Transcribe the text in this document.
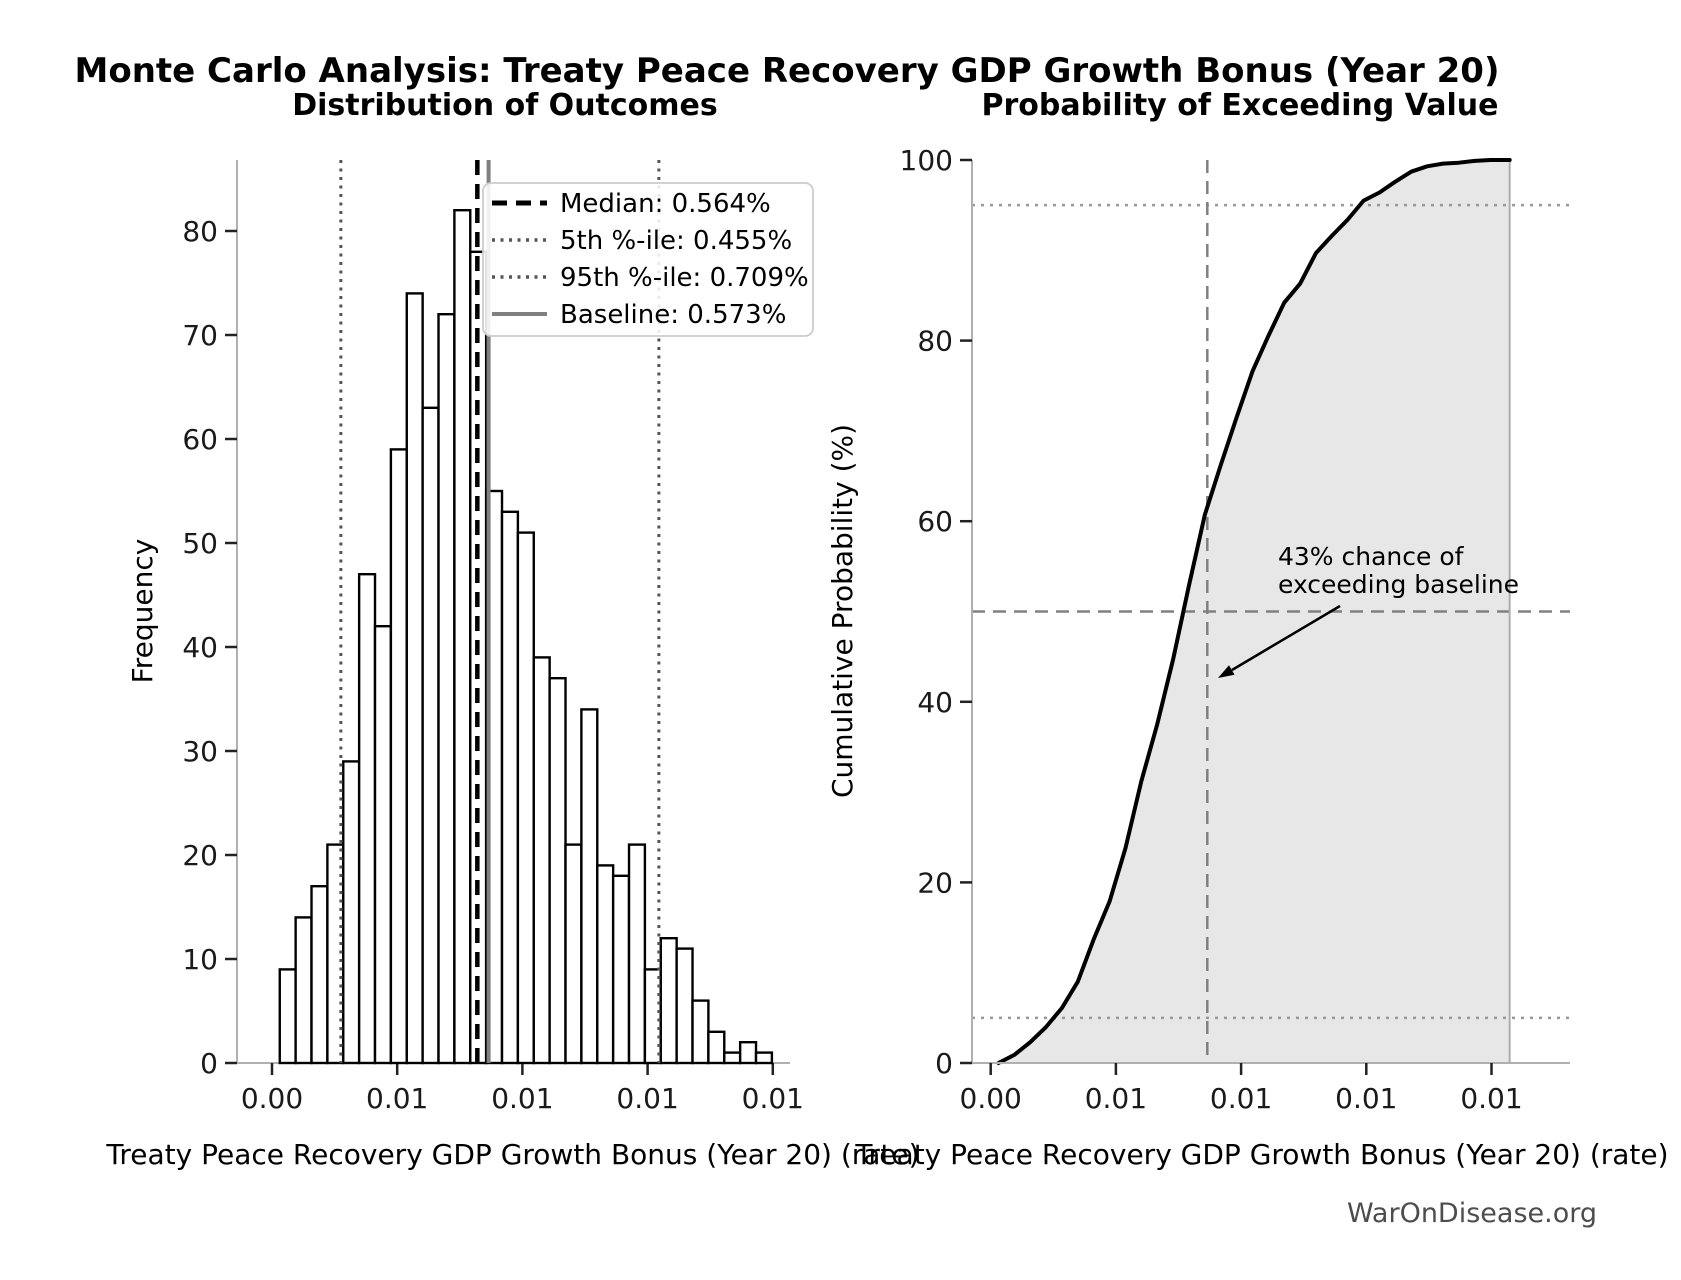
Monte Carlo Analysis: Treaty Peace Recovery GDP Growth Bonus (Year 20)
Distribution of Outcomes	Probability of Exceeding Value
0.00 0.01 0.01 0.01 0.01
0
10
20
30
40
50
60
70
80
0.00 0.01 0.01 0.01 0.01
0
20
40
60
80
100
Frequency	Cumulative Probability (%)
Treaty Peace Recovery GDP Growth Bonus (Year 20) (rate)
Treaty Peace Recovery GDP Growth Bonus (Year 20) (rate)
Median: 0.564%
5th %-ile: 0.455%
95th %-ile: 0.709%
Baseline: 0.573%
43% chance of
exceeding baseline
WarOnDisease.org
